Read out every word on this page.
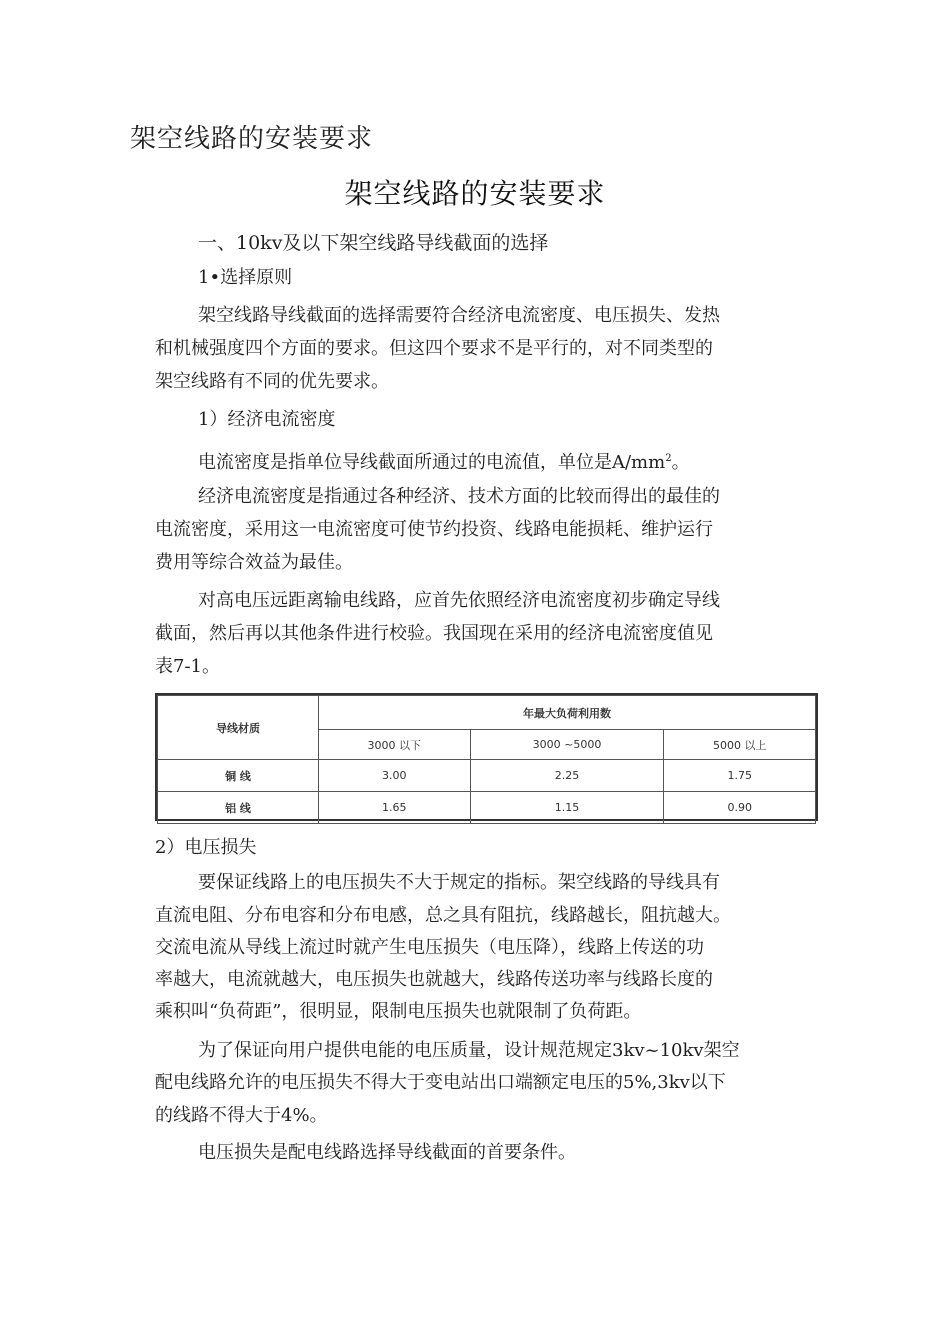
架空线路的安装要求
架空线路的安装要求
一、10kv及以下架空线路导线截面的选择
1•选择原则
架空线路导线截面的选择需要符合经济电流密度、电压损失、发热
和机械强度四个方面的要求。但这四个要求不是平行的，对不同类型的
架空线路有不同的优先要求。
1）经济电流密度
电流密度是指单位导线截面所通过的电流值，单位是$A/mm^2$。
经济电流密度是指通过各种经济、技术方面的比较而得出的最佳的
电流密度，采用这一电流密度可使节约投资、线路电能损耗、维护运行
费用等综合效益为最佳。
对高电压远距离输电线路，应首先依照经济电流密度初步确定导线
截面，然后再以其他条件进行校验。我国现在采用的经济电流密度值见
表7-1。
导线材质	年最大负荷利用数		
	3000 以下	3000 ~5000	5000 以上
铜 线	3.00	2.25	1.75
铝 线	1.65	1.15	0.90
2）电压损失
要保证线路上的电压损失不大于规定的指标。架空线路的导线具有
直流电阻、分布电容和分布电感，总之具有阻抗，线路越长，阻抗越大。
交流电流从导线上流过时就产生电压损失（电压降），线路上传送的功
率越大，电流就越大，电压损失也就越大，线路传送功率与线路长度的
乘积叫“负荷距”，很明显，限制电压损失也就限制了负荷距。
为了保证向用户提供电能的电压质量，设计规范规定3kv~10kv架空
配电线路允许的电压损失不得大于变电站出口端额定电压的5%,3kv以下
的线路不得大于4%。
电压损失是配电线路选择导线截面的首要条件。
